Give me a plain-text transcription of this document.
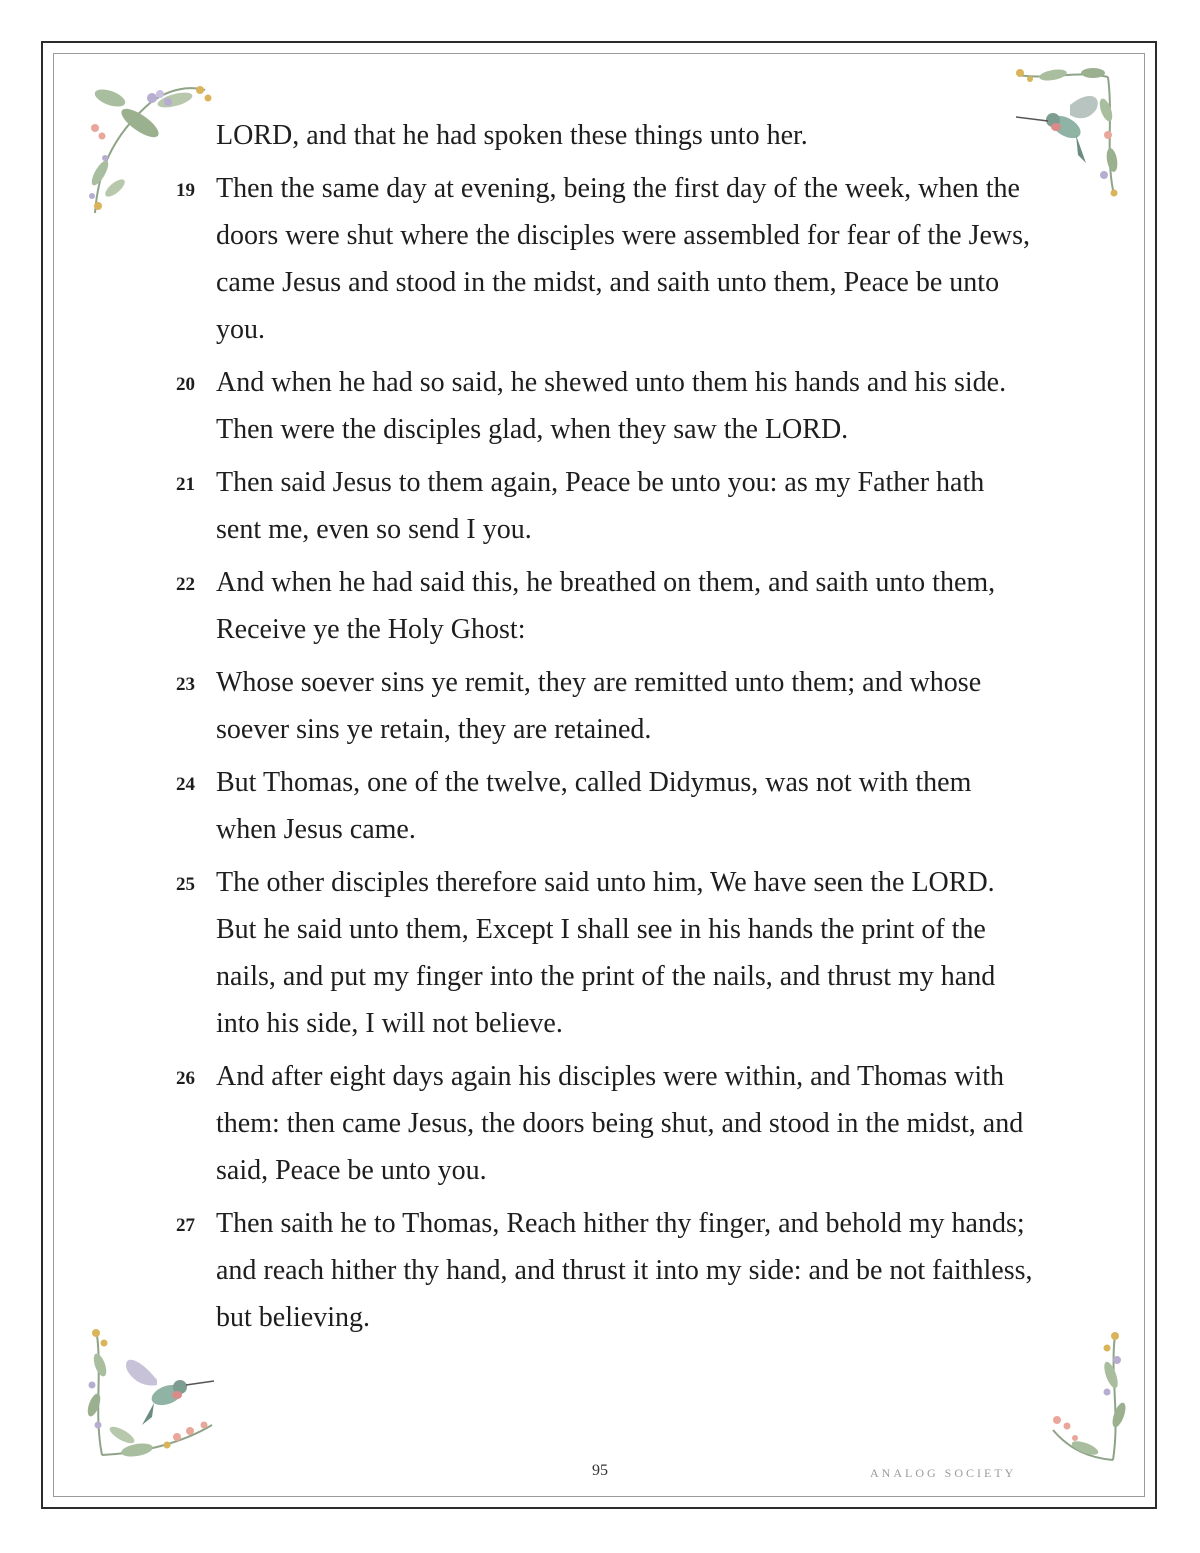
LORD, and that he had spoken these things unto her.
19 Then the same day at evening, being the first day of the week, when the doors were shut where the disciples were assembled for fear of the Jews, came Jesus and stood in the midst, and saith unto them, Peace be unto you.
20 And when he had so said, he shewed unto them his hands and his side. Then were the disciples glad, when they saw the LORD.
21 Then said Jesus to them again, Peace be unto you: as my Father hath sent me, even so send I you.
22 And when he had said this, he breathed on them, and saith unto them, Receive ye the Holy Ghost:
23 Whose soever sins ye remit, they are remitted unto them; and whose soever sins ye retain, they are retained.
24 But Thomas, one of the twelve, called Didymus, was not with them when Jesus came.
25 The other disciples therefore said unto him, We have seen the LORD. But he said unto them, Except I shall see in his hands the print of the nails, and put my finger into the print of the nails, and thrust my hand into his side, I will not believe.
26 And after eight days again his disciples were within, and Thomas with them: then came Jesus, the doors being shut, and stood in the midst, and said, Peace be unto you.
27 Then saith he to Thomas, Reach hither thy finger, and behold my hands; and reach hither thy hand, and thrust it into my side: and be not faithless, but believing.
95	ANALOG SOCIETY
